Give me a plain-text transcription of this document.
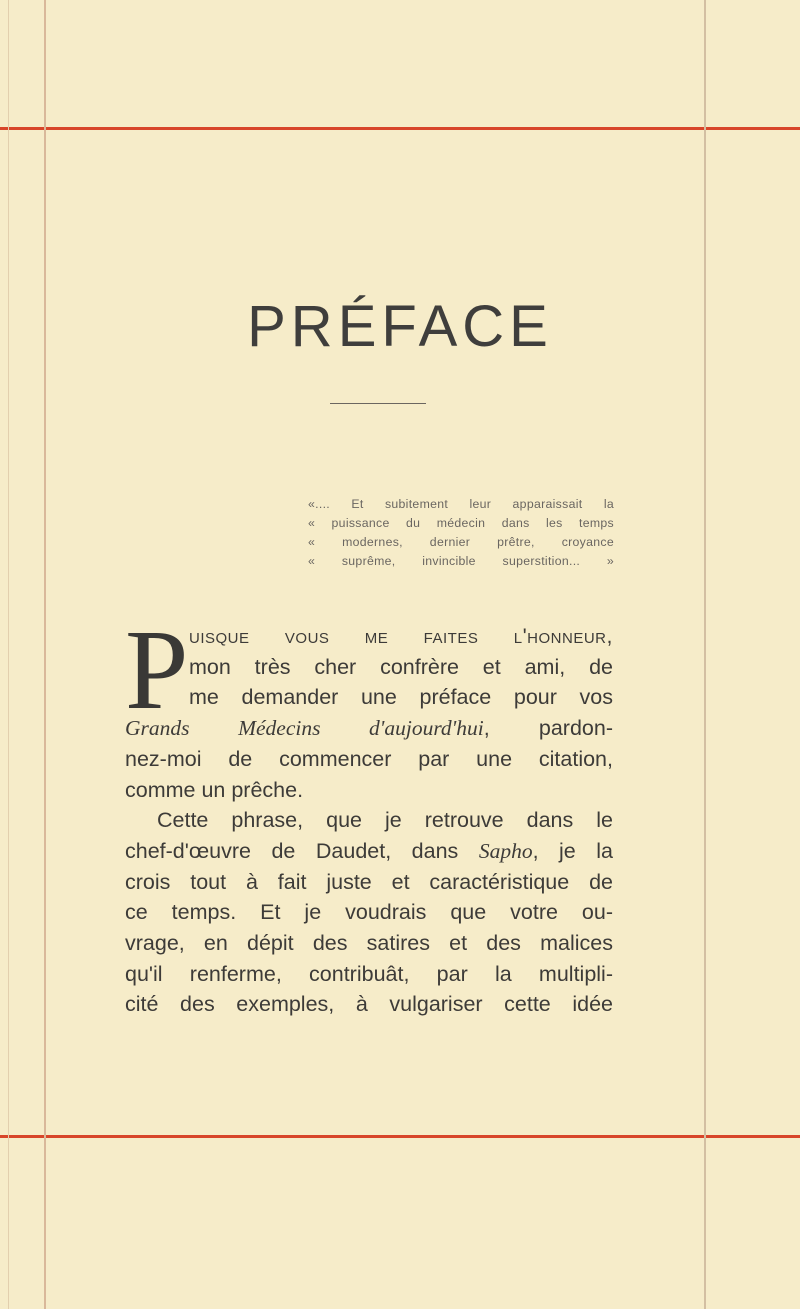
PRÉFACE
«.... Et subitement leur apparaissait la
« puissance du médecin dans les temps
« modernes, dernier prêtre, croyance
« suprême, invincible superstition... »
P uisque vous me faites l'honneur,
mon très cher confrère et ami, de
me demander une préface pour vos
Grands Médecins d'aujourd'hui, pardon-
nez-moi de commencer par une citation,
comme un prêche.
Cette phrase, que je retrouve dans le
chef-d'œuvre de Daudet, dans Sapho, je la
crois tout à fait juste et caractéristique de
ce temps. Et je voudrais que votre ou-
vrage, en dépit des satires et des malices
qu'il renferme, contribuât, par la multipli-
cité des exemples, à vulgariser cette idée
